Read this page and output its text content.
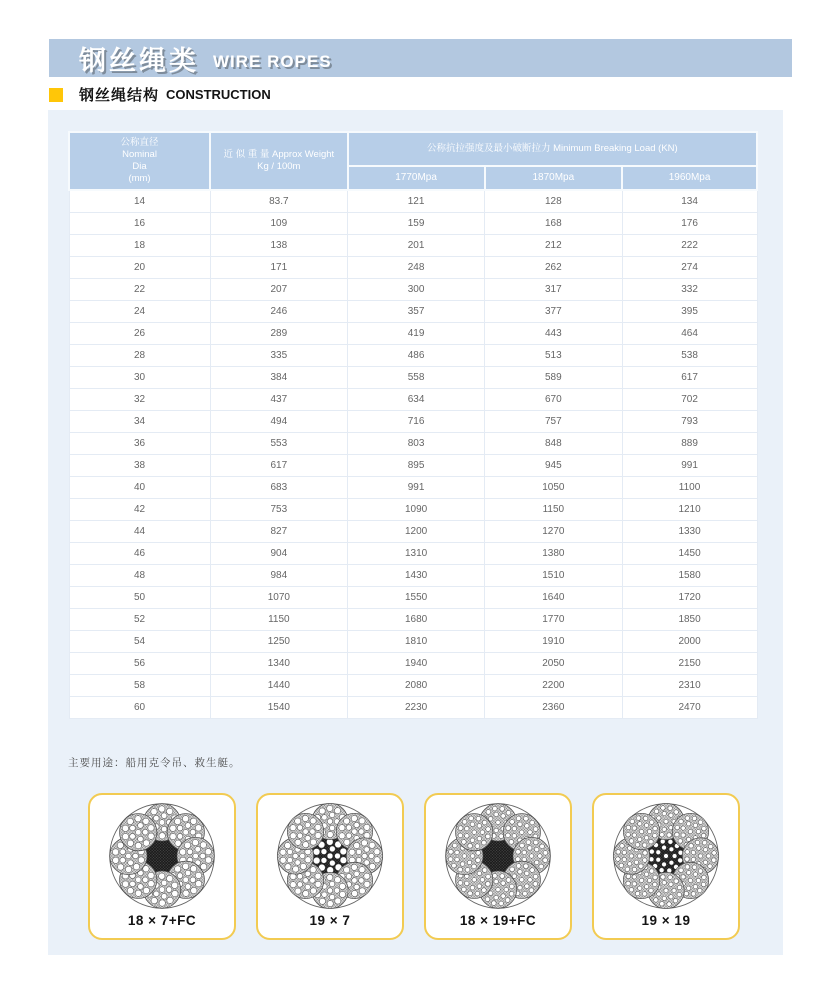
钢丝绳类 WIRE ROPES
钢丝绳结构 CONSTRUCTION
公称直径
Nominal
Dia
(mm)

近 似 重 量 Approx Weight
Kg / 100m
	公称抗拉强度及最小破断拉力 Minimum Breaking Load (KN)
		1770Mpa	1870Mpa	1960Mpa
14	83.7	121	128	134
16	109	159	168	176
18	138	201	212	222
20	171	248	262	274
22	207	300	317	332
24	246	357	377	395
26	289	419	443	464
28	335	486	513	538
30	384	558	589	617
32	437	634	670	702
34	494	716	757	793
36	553	803	848	889
38	617	895	945	991
40	683	991	1050	1100
42	753	1090	1150	1210
44	827	1200	1270	1330
46	904	1310	1380	1450
48	984	1430	1510	1580
50	1070	1550	1640	1720
52	1150	1680	1770	1850
54	1250	1810	1910	2000
56	1340	1940	2050	2150
58	1440	2080	2200	2310
60	1540	2230	2360	2470
主要用途：船用克令吊、救生艇。
18 × 7+FC	19 × 7	18 × 19+FC	19 × 19
